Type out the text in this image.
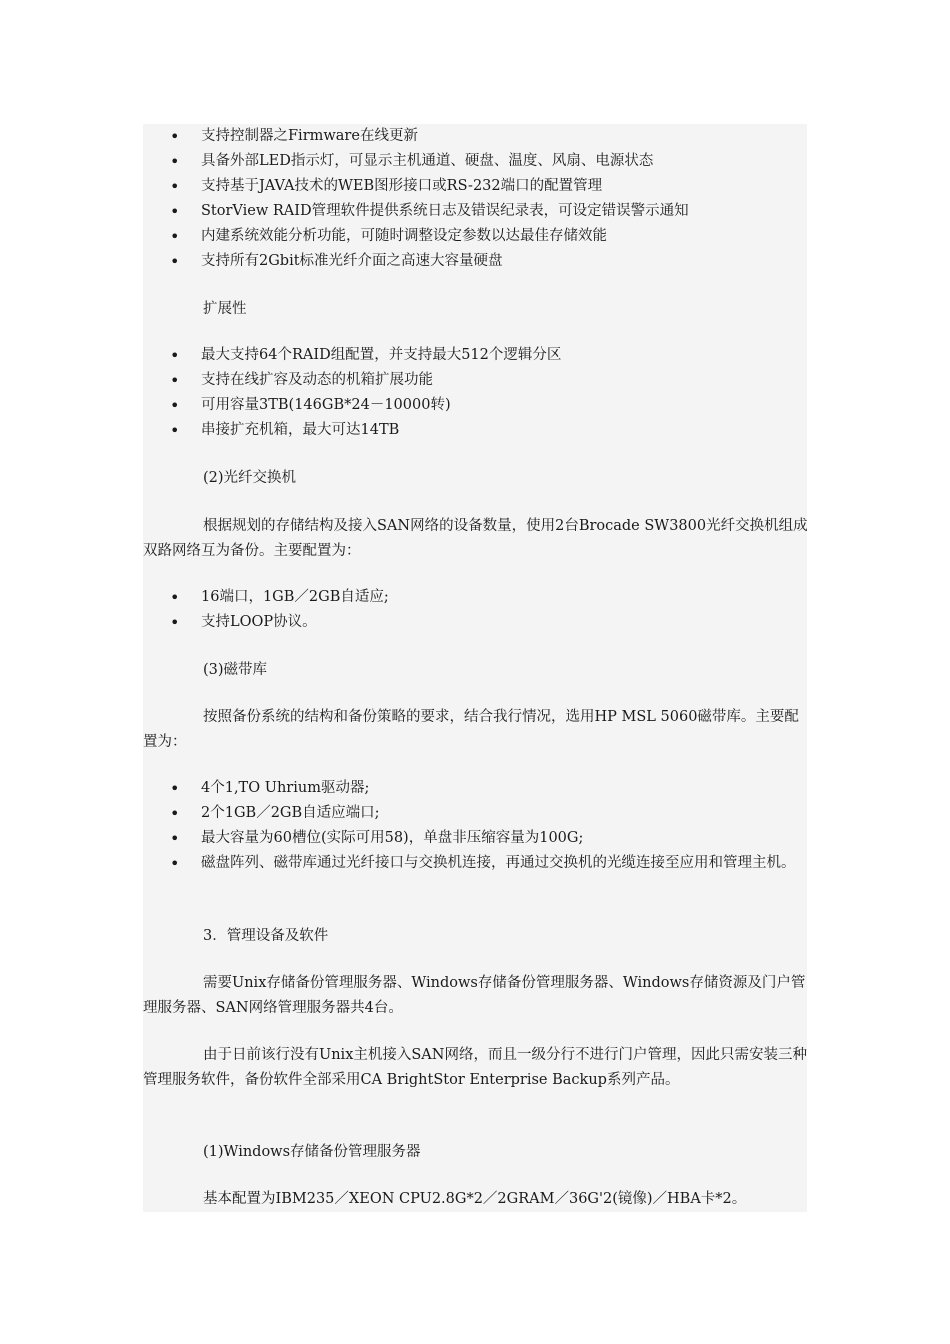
• 支持控制器之Firmware在线更新
• 具备外部LED指示灯，可显示主机通道、硬盘、温度、风扇、电源状态
• 支持基于JAVA技术的WEB图形接口或RS-232端口的配置管理
• StorView RAID管理软件提供系统日志及错误纪录表，可设定错误警示通知
• 内建系统效能分析功能，可随时调整设定参数以达最佳存储效能
• 支持所有2Gbit标准光纤介面之高速大容量硬盘
扩展性
• 最大支持64个RAID组配置，并支持最大512个逻辑分区
• 支持在线扩容及动态的机箱扩展功能
• 可用容量3TB(146GB*24－10000转)
• 串接扩充机箱，最大可达14TB
(2)光纤交换机
根据规划的存储结构及接入SAN网络的设备数量，使用2台Brocade SW3800光纤交换机组成双路网络互为备份。主要配置为：
• 16端口，1GB／2GB自适应;
• 支持LOOP协议。
(3)磁带库
按照备份系统的结构和备份策略的要求，结合我行情况，选用HP MSL 5060磁带库。主要配置为：
• 4个1,TO Uhrium驱动器;
• 2个1GB／2GB自适应端口;
• 最大容量为60槽位(实际可用58)，单盘非压缩容量为100G;
• 磁盘阵列、磁带库通过光纤接口与交换机连接，再通过交换机的光缆连接至应用和管理主机。
3．管理设备及软件
需要Unix存储备份管理服务器、Windows存储备份管理服务器、Windows存储资源及门户管理服务器、SAN网络管理服务器共4台。
由于日前该行没有Unix主机接入SAN网络，而且一级分行不进行门户管理，因此只需安装三种管理服务软件，备份软件全部采用CA BrightStor Enterprise Backup系列产品。
(1)Windows存储备份管理服务器
基本配置为IBM235／XEON CPU2.8G*2／2GRAM／36G'2(镜像)／HBA卡*2。
